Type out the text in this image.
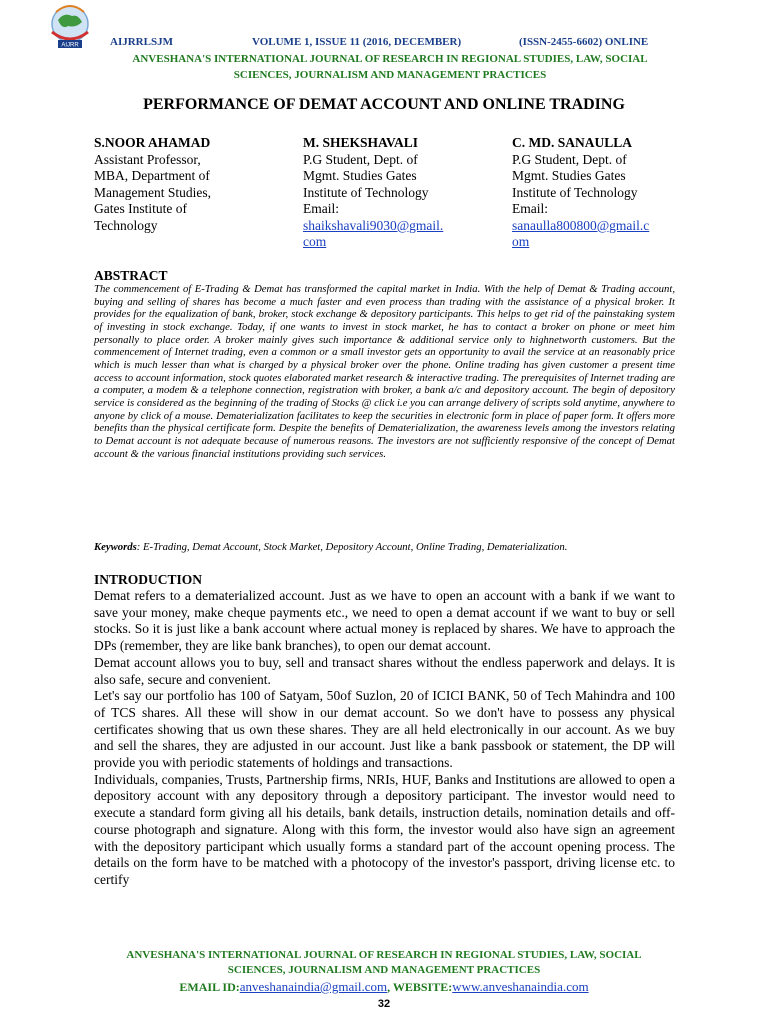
AIJRR	AIJRRLSJM	VOLUME 1, ISSUE 11 (2016, DECEMBER)	(ISSN-2455-6602) ONLINE
ANVESHANA'S INTERNATIONAL JOURNAL OF RESEARCH IN REGIONAL STUDIES, LAW, SOCIAL
SCIENCES, JOURNALISM AND MANAGEMENT PRACTICES
PERFORMANCE OF DEMAT ACCOUNT AND ONLINE TRADING
S.NOOR AHAMAD
Assistant Professor,
MBA, Department of
Management Studies,
Gates Institute of
Technology
M. SHEKSHAVALI
P.G Student, Dept. of
Mgmt. Studies Gates
Institute of Technology
Email:
shaikshavali9030@gmail.
com
C. MD. SANAULLA
P.G Student, Dept. of
Mgmt. Studies Gates
Institute of Technology
Email:
sanaulla800800@gmail.c
om
ABSTRACT
The commencement of E-Trading & Demat has transformed the capital market in India. With the help of Demat & Trading account, buying and selling of shares has become a much faster and even process than trading with the assistance of a physical broker. It provides for the equalization of bank, broker, stock exchange & depository participants. This helps to get rid of the painstaking system of investing in stock exchange. Today, if one wants to invest in stock market, he has to contact a broker on phone or meet him personally to place order. A broker mainly gives such importance & additional service only to highnetworth customers. But the commencement of Internet trading, even a common or a small investor gets an opportunity to avail the service at an reasonably price which is much lesser than what is charged by a physical broker over the phone. Online trading has given customer a present time access to account information, stock quotes elaborated market research & interactive trading. The prerequisites of Internet trading are a computer, a modem & a telephone connection, registration with broker, a bank a/c and depository account. The begin of depository service is considered as the beginning of the trading of Stocks @ click i.e you can arrange delivery of scripts sold anytime, anywhere to anyone by click of a mouse. Dematerialization facilitates to keep the securities in electronic form in place of paper form. It offers more benefits than the physical certificate form. Despite the benefits of Dematerialization, the awareness levels among the investors relating to Demat account is not adequate because of numerous reasons. The investors are not sufficiently responsive of the concept of Demat account & the various financial institutions providing such services.
Keywords: E-Trading, Demat Account, Stock Market, Depository Account, Online Trading, Dematerialization.
INTRODUCTION

Demat refers to a dematerialized account. Just as we have to open an account with a bank if we want to save your money, make cheque payments etc., we need to open a demat account if we want to buy or sell stocks. So it is just like a bank account where actual money is replaced by shares. We have to approach the DPs (remember, they are like bank branches), to open our demat account.

Demat account allows you to buy, sell and transact shares without the endless paperwork and delays. It is also safe, secure and convenient.

Let's say our portfolio has 100 of Satyam, 50of Suzlon, 20 of ICICI BANK, 50 of Tech Mahindra and 100 of TCS shares. All these will show in our demat account. So we don't have to possess any physical certificates showing that us own these shares. They are all held electronically in our account. As we buy and sell the shares, they are adjusted in our account. Just like a bank passbook or statement, the DP will provide you with periodic statements of holdings and transactions.

Individuals, companies, Trusts, Partnership firms, NRIs, HUF, Banks and Institutions are allowed to open a depository account with any depository through a depository participant. The investor would need to execute a standard form giving all his details, bank details, instruction details, nomination details and off-course photograph and signature. Along with this form, the investor would also have sign an agreement with the depository participant which usually forms a standard part of the account opening process. The details on the form have to be matched with a photocopy of the investor's passport, driving license etc. to certify

ANVESHANA'S INTERNATIONAL JOURNAL OF RESEARCH IN REGIONAL STUDIES, LAW, SOCIAL
SCIENCES, JOURNALISM AND MANAGEMENT PRACTICES
EMAIL ID:anveshanaindia@gmail.com, WEBSITE:www.anveshanaindia.com
32
